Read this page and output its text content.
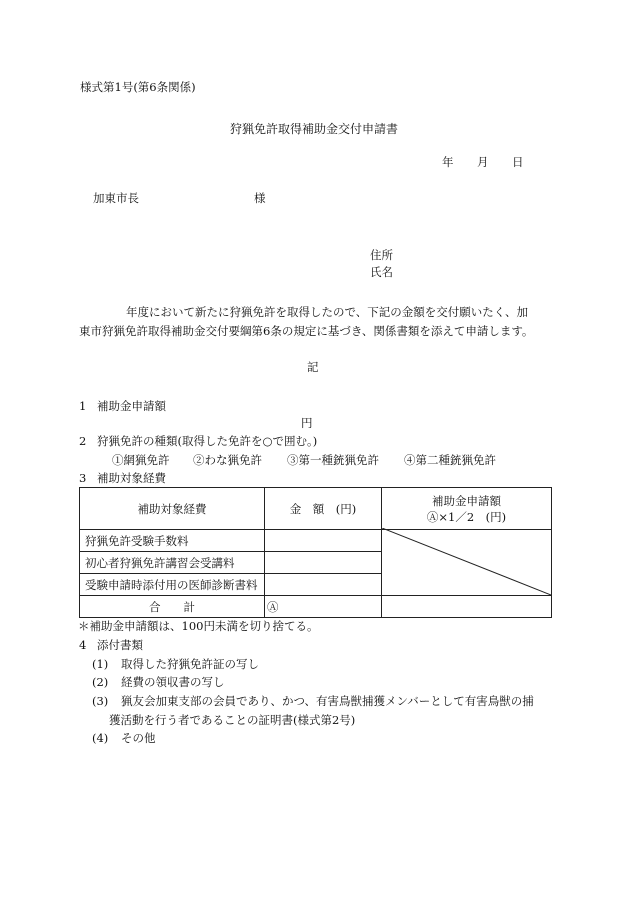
様式第1号(第6条関係)
狩猟免許取得補助金交付申請書
年 月 日
加東市長	様
住所
氏名
年度において新たに狩猟免許を取得したので、下記の金額を交付願いたく、加
東市狩猟免許取得補助金交付要綱第6条の規定に基づき、関係書類を添えて申請します。
記
1 補助金申請額
円
2 狩猟免許の種類(取得した免許を○で囲む。)
①網猟免許 ②わな猟免許 ③第一種銃猟免許 ④第二種銃猟免許
3 補助対象経費
補助対象経費	金　額　(円)	補助金申請額
Ⓐ×1／2　(円)

狩猟免許受験手数料		
初心者狩猟免許講習会受講料		
受験申請時添付用の医師診断書料		
合　　計	Ⓐ	
＊補助金申請額は、100円未満を切り捨てる。
4 添付書類
(1) 取得した狩猟免許証の写し
(2) 経費の領収書の写し
(3) 猟友会加東支部の会員であり、かつ、有害鳥獣捕獲メンバーとして有害鳥獣の捕
獲活動を行う者であることの証明書(様式第2号)
(4) その他
